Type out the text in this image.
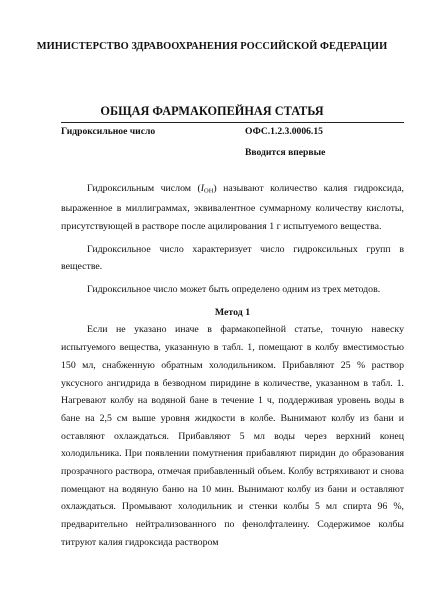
МИНИСТЕРСТВО ЗДРАВООХРАНЕНИЯ РОССИЙСКОЙ ФЕДЕРАЦИИ
ОБЩАЯ ФАРМАКОПЕЙНАЯ СТАТЬЯ
Гидроксильное число	ОФС.1.2.3.0006.15
Вводится впервые

Гидроксильным числом $(I_{OH})$ называют количество калия гидроксида, выраженное в миллиграммах, эквивалентное суммарному количеству кислоты, присутствующей в растворе после ацилирования 1 г испытуемого вещества.

Гидроксильное число характеризует число гидроксильных групп в веществе.

Гидроксильное число может быть определено одним из трех методов.

Метод 1

Если не указано иначе в фармакопейной статье, точную навеску испытуемого вещества, указанную в табл. 1, помещают в колбу вместимостью 150 мл, снабженную обратным холодильником. Прибавляют 25 % раствор уксусного ангидрида в безводном пиридине в количестве, указанном в табл. 1. Нагревают колбу на водяной бане в течение 1 ч, поддерживая уровень воды в бане на 2,5 см выше уровня жидкости в колбе. Вынимают колбу из бани и оставляют охлаждаться. Прибавляют 5 мл воды через верхний конец холодильника. При появлении помутнения прибавляют пиридин до образования прозрачного раствора, отмечая прибавленный объем. Колбу встряхивают и снова помещают на водяную баню на 10 мин. Вынимают колбу из бани и оставляют охлаждаться. Промывают холодильник и стенки колбы 5 мл спирта 96 %, предварительно нейтрализованного по фенолфталеину. Содержимое колбы титруют калия гидроксида раствором
